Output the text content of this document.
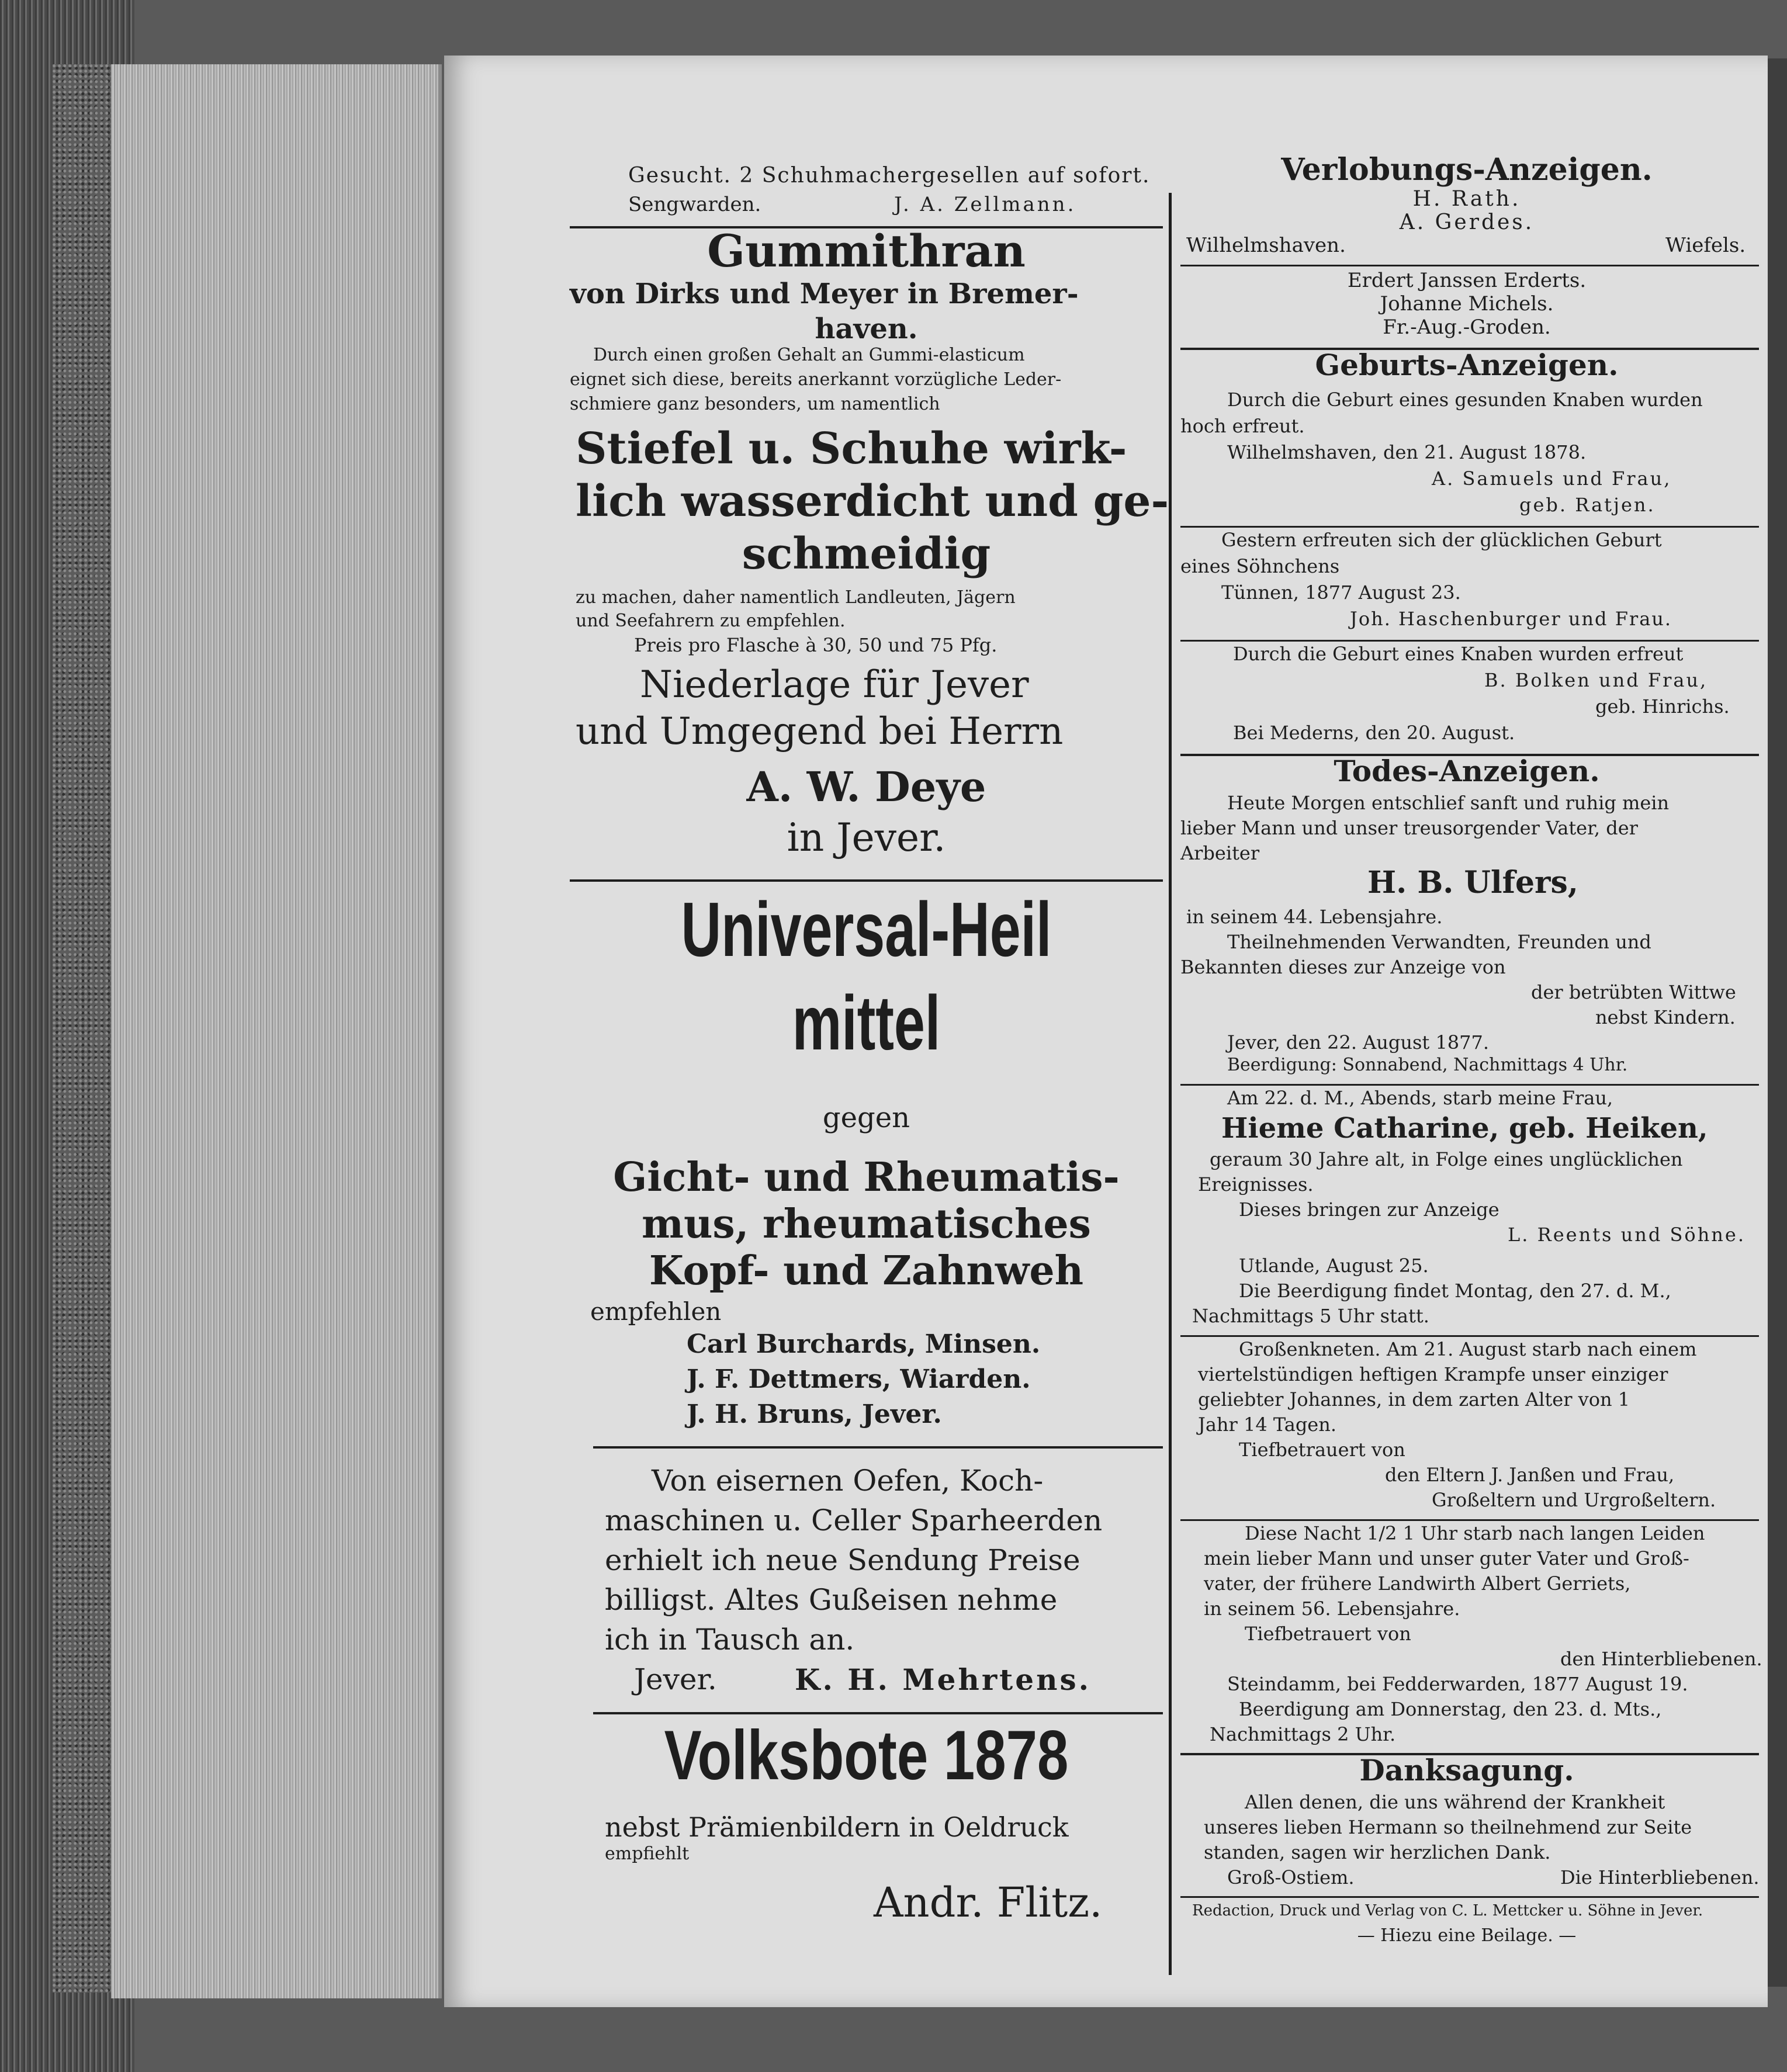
Gesucht. 2 Schuhmachergesellen auf sofort.
Sengwarden.	J. A. Zellmann.
Gummithran
von Dirks und Meyer in Bremer-
haven.
Durch einen großen Gehalt an Gummi-elasticum
eignet sich diese, bereits anerkannt vorzügliche Leder-
schmiere ganz besonders, um namentlich
Stiefel u. Schuhe wirk-
lich wasserdicht und ge-
schmeidig
zu machen, daher namentlich Landleuten, Jägern
und Seefahrern zu empfehlen.
Preis pro Flasche à 30, 50 und 75 Pfg.
Niederlage für Jever
und Umgegend bei Herrn
A. W. Deye
in Jever.
Universal-Heil
mittel
gegen
Gicht- und Rheumatis-
mus, rheumatisches
Kopf- und Zahnweh
empfehlen
Carl Burchards, Minsen.
J. F. Dettmers, Wiarden.
J. H. Bruns, Jever.
Von eisernen Oefen, Koch-
maschinen u. Celler Sparheerden
erhielt ich neue Sendung Preise
billigst. Altes Gußeisen nehme
ich in Tausch an.
Jever.	K. H. Mehrtens.
Volksbote 1878
nebst Prämienbildern in Oeldruck
empfiehlt
Andr. Flitz.
Verlobungs-Anzeigen.
H. Rath.
A. Gerdes.
Wilhelmshaven.	Wiefels.
Erdert Janssen Erderts.
Johanne Michels.
Fr.-Aug.-Groden.
Geburts-Anzeigen.
Durch die Geburt eines gesunden Knaben wurden
hoch erfreut.
Wilhelmshaven, den 21. August 1878.
A. Samuels und Frau,
geb. Ratjen.
Gestern erfreuten sich der glücklichen Geburt
eines Söhnchens
Tünnen, 1877 August 23.
Joh. Haschenburger und Frau.
Durch die Geburt eines Knaben wurden erfreut
B. Bolken und Frau,
geb. Hinrichs.
Bei Mederns, den 20. August.
Todes-Anzeigen.
Heute Morgen entschlief sanft und ruhig mein
lieber Mann und unser treusorgender Vater, der
Arbeiter
H. B. Ulfers,
in seinem 44. Lebensjahre.
Theilnehmenden Verwandten, Freunden und
Bekannten dieses zur Anzeige von
der betrübten Wittwe
nebst Kindern.
Jever, den 22. August 1877.
Beerdigung: Sonnabend, Nachmittags 4 Uhr.
Am 22. d. M., Abends, starb meine Frau,
Hieme Catharine, geb. Heiken,
geraum 30 Jahre alt, in Folge eines unglücklichen
Ereignisses.
Dieses bringen zur Anzeige
L. Reents und Söhne.
Utlande, August 25.
Die Beerdigung findet Montag, den 27. d. M.,
Nachmittags 5 Uhr statt.
Großenkneten. Am 21. August starb nach einem
viertelstündigen heftigen Krampfe unser einziger
geliebter Johannes, in dem zarten Alter von 1
Jahr 14 Tagen.
Tiefbetrauert von
den Eltern J. Janßen und Frau,
Großeltern und Urgroßeltern.
Diese Nacht 1/2 1 Uhr starb nach langen Leiden
mein lieber Mann und unser guter Vater und Groß-
vater, der frühere Landwirth Albert Gerriets,
in seinem 56. Lebensjahre.
Tiefbetrauert von
den Hinterbliebenen.
Steindamm, bei Fedderwarden, 1877 August 19.
Beerdigung am Donnerstag, den 23. d. Mts.,
Nachmittags 2 Uhr.
Danksagung.
Allen denen, die uns während der Krankheit
unseres lieben Hermann so theilnehmend zur Seite
standen, sagen wir herzlichen Dank.
Groß-Ostiem.	Die Hinterbliebenen.
Redaction, Druck und Verlag von C. L. Mettcker u. Söhne in Jever.
— Hiezu eine Beilage. —
